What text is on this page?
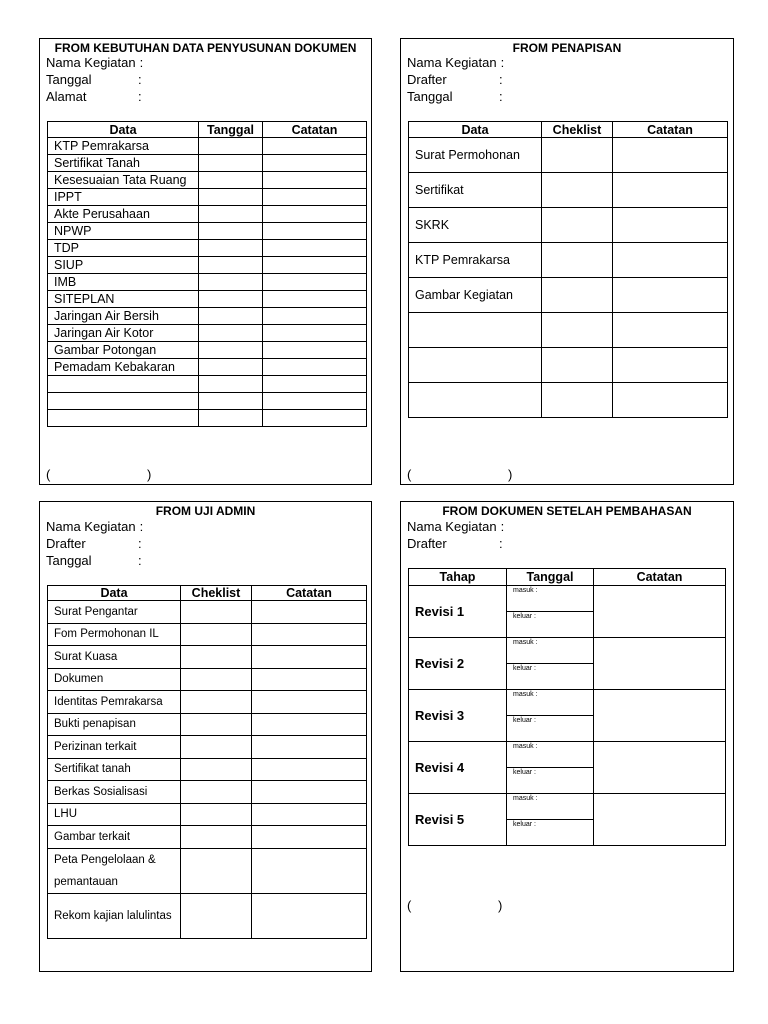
FROM KEBUTUHAN DATA PENYUSUNAN DOKUMEN
Nama Kegiatan :
Tanggal	:
Alamat	:
Data	Tanggal	Catatan
KTP Pemrakarsa		
Sertifikat Tanah		
Kesesuaian Tata Ruang		
IPPT		
Akte Perusahaan		
NPWP		
TDP		
SIUP		
IMB		
SITEPLAN		
Jaringan Air Bersih		
Jaringan Air Kotor		
Gambar Potongan		
Pemadam Kebakaran		

(	)
FROM PENAPISAN
Nama Kegiatan :
Drafter	:
Tanggal	:
Data	Cheklist	Catatan
Surat Permohonan		
Sertifikat		
SKRK		
KTP Pemrakarsa		
Gambar Kegiatan		

(	)
FROM UJI ADMIN
Nama Kegiatan :
Drafter	:
Tanggal	:
Data	Cheklist	Catatan
Surat Pengantar		
Fom Permohonan IL		
Surat Kuasa		
Dokumen		
Identitas Pemrakarsa		
Bukti penapisan		
Perizinan terkait		
Sertifikat tanah		
Berkas Sosialisasi		
LHU		
Gambar terkait		
Peta Pengelolaan & pemantauan		
Rekom kajian lalulintas		
FROM DOKUMEN SETELAH PEMBAHASAN
Nama Kegiatan :
Drafter	:
Tahap	Tanggal	Catatan
Revisi 1	masuk :	
	keluar :	
Revisi 2	masuk :	
	keluar :	
Revisi 3	masuk :	
	keluar :	
Revisi 4	masuk :	
	keluar :	
Revisi 5	masuk :	
	keluar :	
(	)
